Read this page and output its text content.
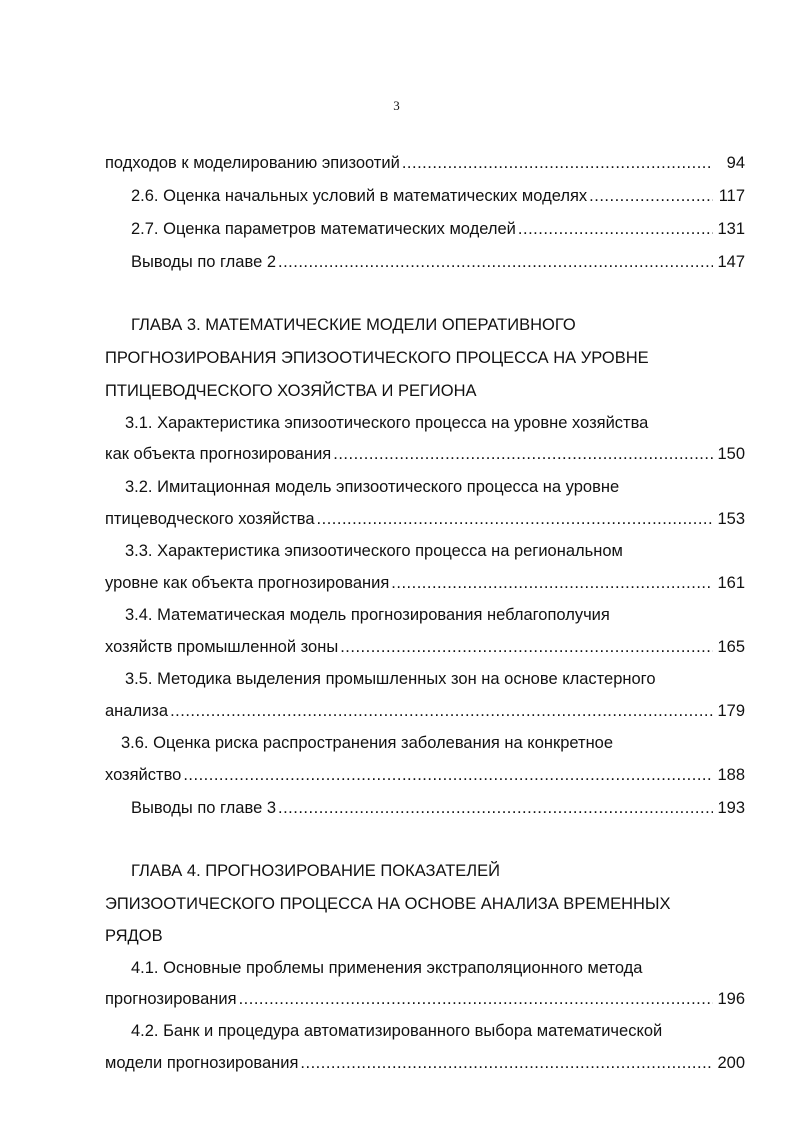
3
подходов к моделированию эпизоотий .....	94
2.6. Оценка начальных условий в математических моделях .....	117
2.7. Оценка параметров математических моделей .....	131
Выводы по главе 2 .....	147
ГЛАВА 3. МАТЕМАТИЧЕСКИЕ МОДЕЛИ ОПЕРАТИВНОГО
ПРОГНОЗИРОВАНИЯ ЭПИЗООТИЧЕСКОГО ПРОЦЕССА НА УРОВНЕ
ПТИЦЕВОДЧЕСКОГО ХОЗЯЙСТВА И РЕГИОНА
3.1. Характеристика эпизоотического процесса на уровне хозяйства
как объекта прогнозирования .....	150
3.2. Имитационная модель эпизоотического процесса на уровне
птицеводческого хозяйства .....	153
3.3. Характеристика эпизоотического процесса на региональном
уровне как объекта прогнозирования .....	161
3.4. Математическая модель прогнозирования неблагополучия
хозяйств промышленной зоны .....	165
3.5. Методика выделения промышленных зон на основе кластерного
анализа .....	179
3.6. Оценка риска распространения заболевания на конкретное
хозяйство .....	188
Выводы по главе 3 .....	193
ГЛАВА 4. ПРОГНОЗИРОВАНИЕ ПОКАЗАТЕЛЕЙ
ЭПИЗООТИЧЕСКОГО ПРОЦЕССА НА ОСНОВЕ АНАЛИЗА ВРЕМЕННЫХ
РЯДОВ
4.1. Основные проблемы применения экстраполяционного метода
прогнозирования .....	196
4.2. Банк и процедура автоматизированного выбора математической
модели прогнозирования .....	200
